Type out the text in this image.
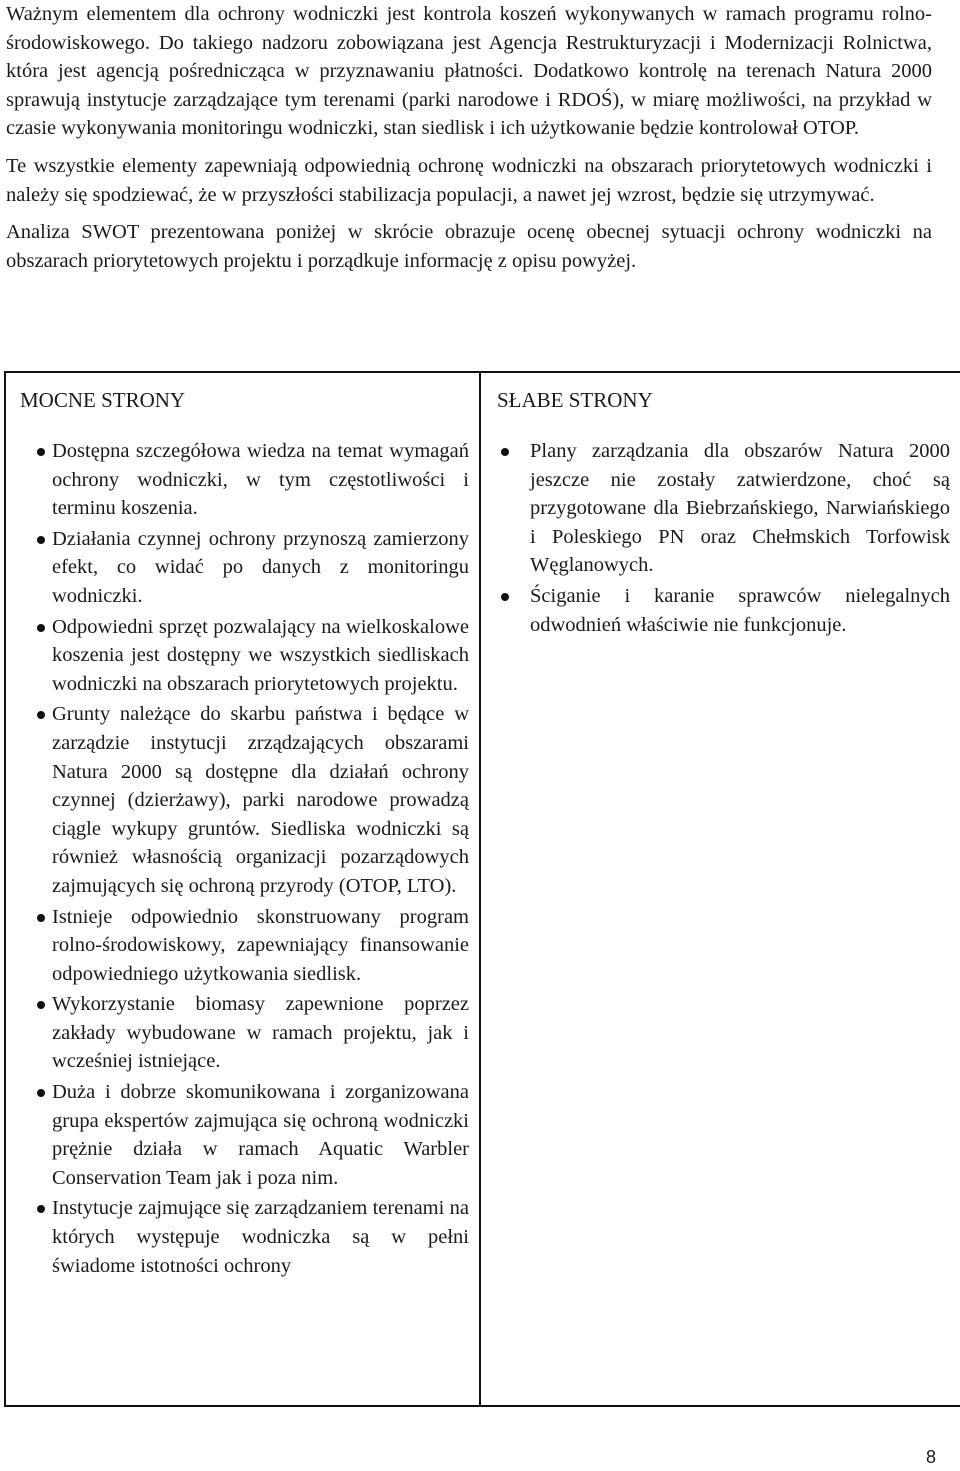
Ważnym elementem dla ochrony wodniczki jest kontrola koszeń wykonywanych w ramach programu rolno-środowiskowego. Do takiego nadzoru zobowiązana jest Agencja Restrukturyzacji i Modernizacji Rolnictwa, która jest agencją pośrednicząca w przyznawaniu płatności. Dodatkowo kontrolę na terenach Natura 2000 sprawują instytucje zarządzające tym terenami (parki narodowe i RDOŚ), w miarę możliwości, na przykład w czasie wykonywania monitoringu wodniczki, stan siedlisk i ich użytkowanie będzie kontrolował OTOP.

Te wszystkie elementy zapewniają odpowiednią ochronę wodniczki na obszarach priorytetowych wodniczki i należy się spodziewać, że w przyszłości stabilizacja populacji, a nawet jej wzrost, będzie się utrzymywać.

Analiza SWOT prezentowana poniżej w skrócie obrazuje ocenę obecnej sytuacji ochrony wodniczki na obszarach priorytetowych projektu i porządkuje informację z opisu powyżej.

MOCNE STRONY
Dostępna szczegółowa wiedza na temat wymagań ochrony wodniczki, w tym częstotliwości i terminu koszenia.
Działania czynnej ochrony przynoszą zamierzony efekt, co widać po danych z monitoringu wodniczki.
Odpowiedni sprzęt pozwalający na wielkoskalowe koszenia jest dostępny we wszystkich siedliskach wodniczki na obszarach priorytetowych projektu.
Grunty należące do skarbu państwa i będące w zarządzie instytucji zrządzających obszarami Natura 2000 są dostępne dla działań ochrony czynnej (dzierżawy), parki narodowe prowadzą ciągle wykupy gruntów. Siedliska wodniczki są również własnością organizacji pozarządowych zajmujących się ochroną przyrody (OTOP, LTO).
Istnieje odpowiednio skonstruowany program rolno-środowiskowy, zapewniający finansowanie odpowiedniego użytkowania siedlisk.
Wykorzystanie biomasy zapewnione poprzez zakłady wybudowane w ramach projektu, jak i wcześniej istniejące.
Duża i dobrze skomunikowana i zorganizowana grupa ekspertów zajmująca się ochroną wodniczki prężnie działa w ramach Aquatic Warbler Conservation Team jak i poza nim.
Instytucje zajmujące się zarządzaniem terenami na których występuje wodniczka są w pełni świadome istotności ochrony

SŁABE STRONY
Plany zarządzania dla obszarów Natura 2000 jeszcze nie zostały zatwierdzone, choć są przygotowane dla Biebrzańskiego, Narwiańskiego i Poleskiego PN oraz Chełmskich Torfowisk Węglanowych.
Ściganie i karanie sprawców nielegalnych odwodnień właściwie nie funkcjonuje.
8
